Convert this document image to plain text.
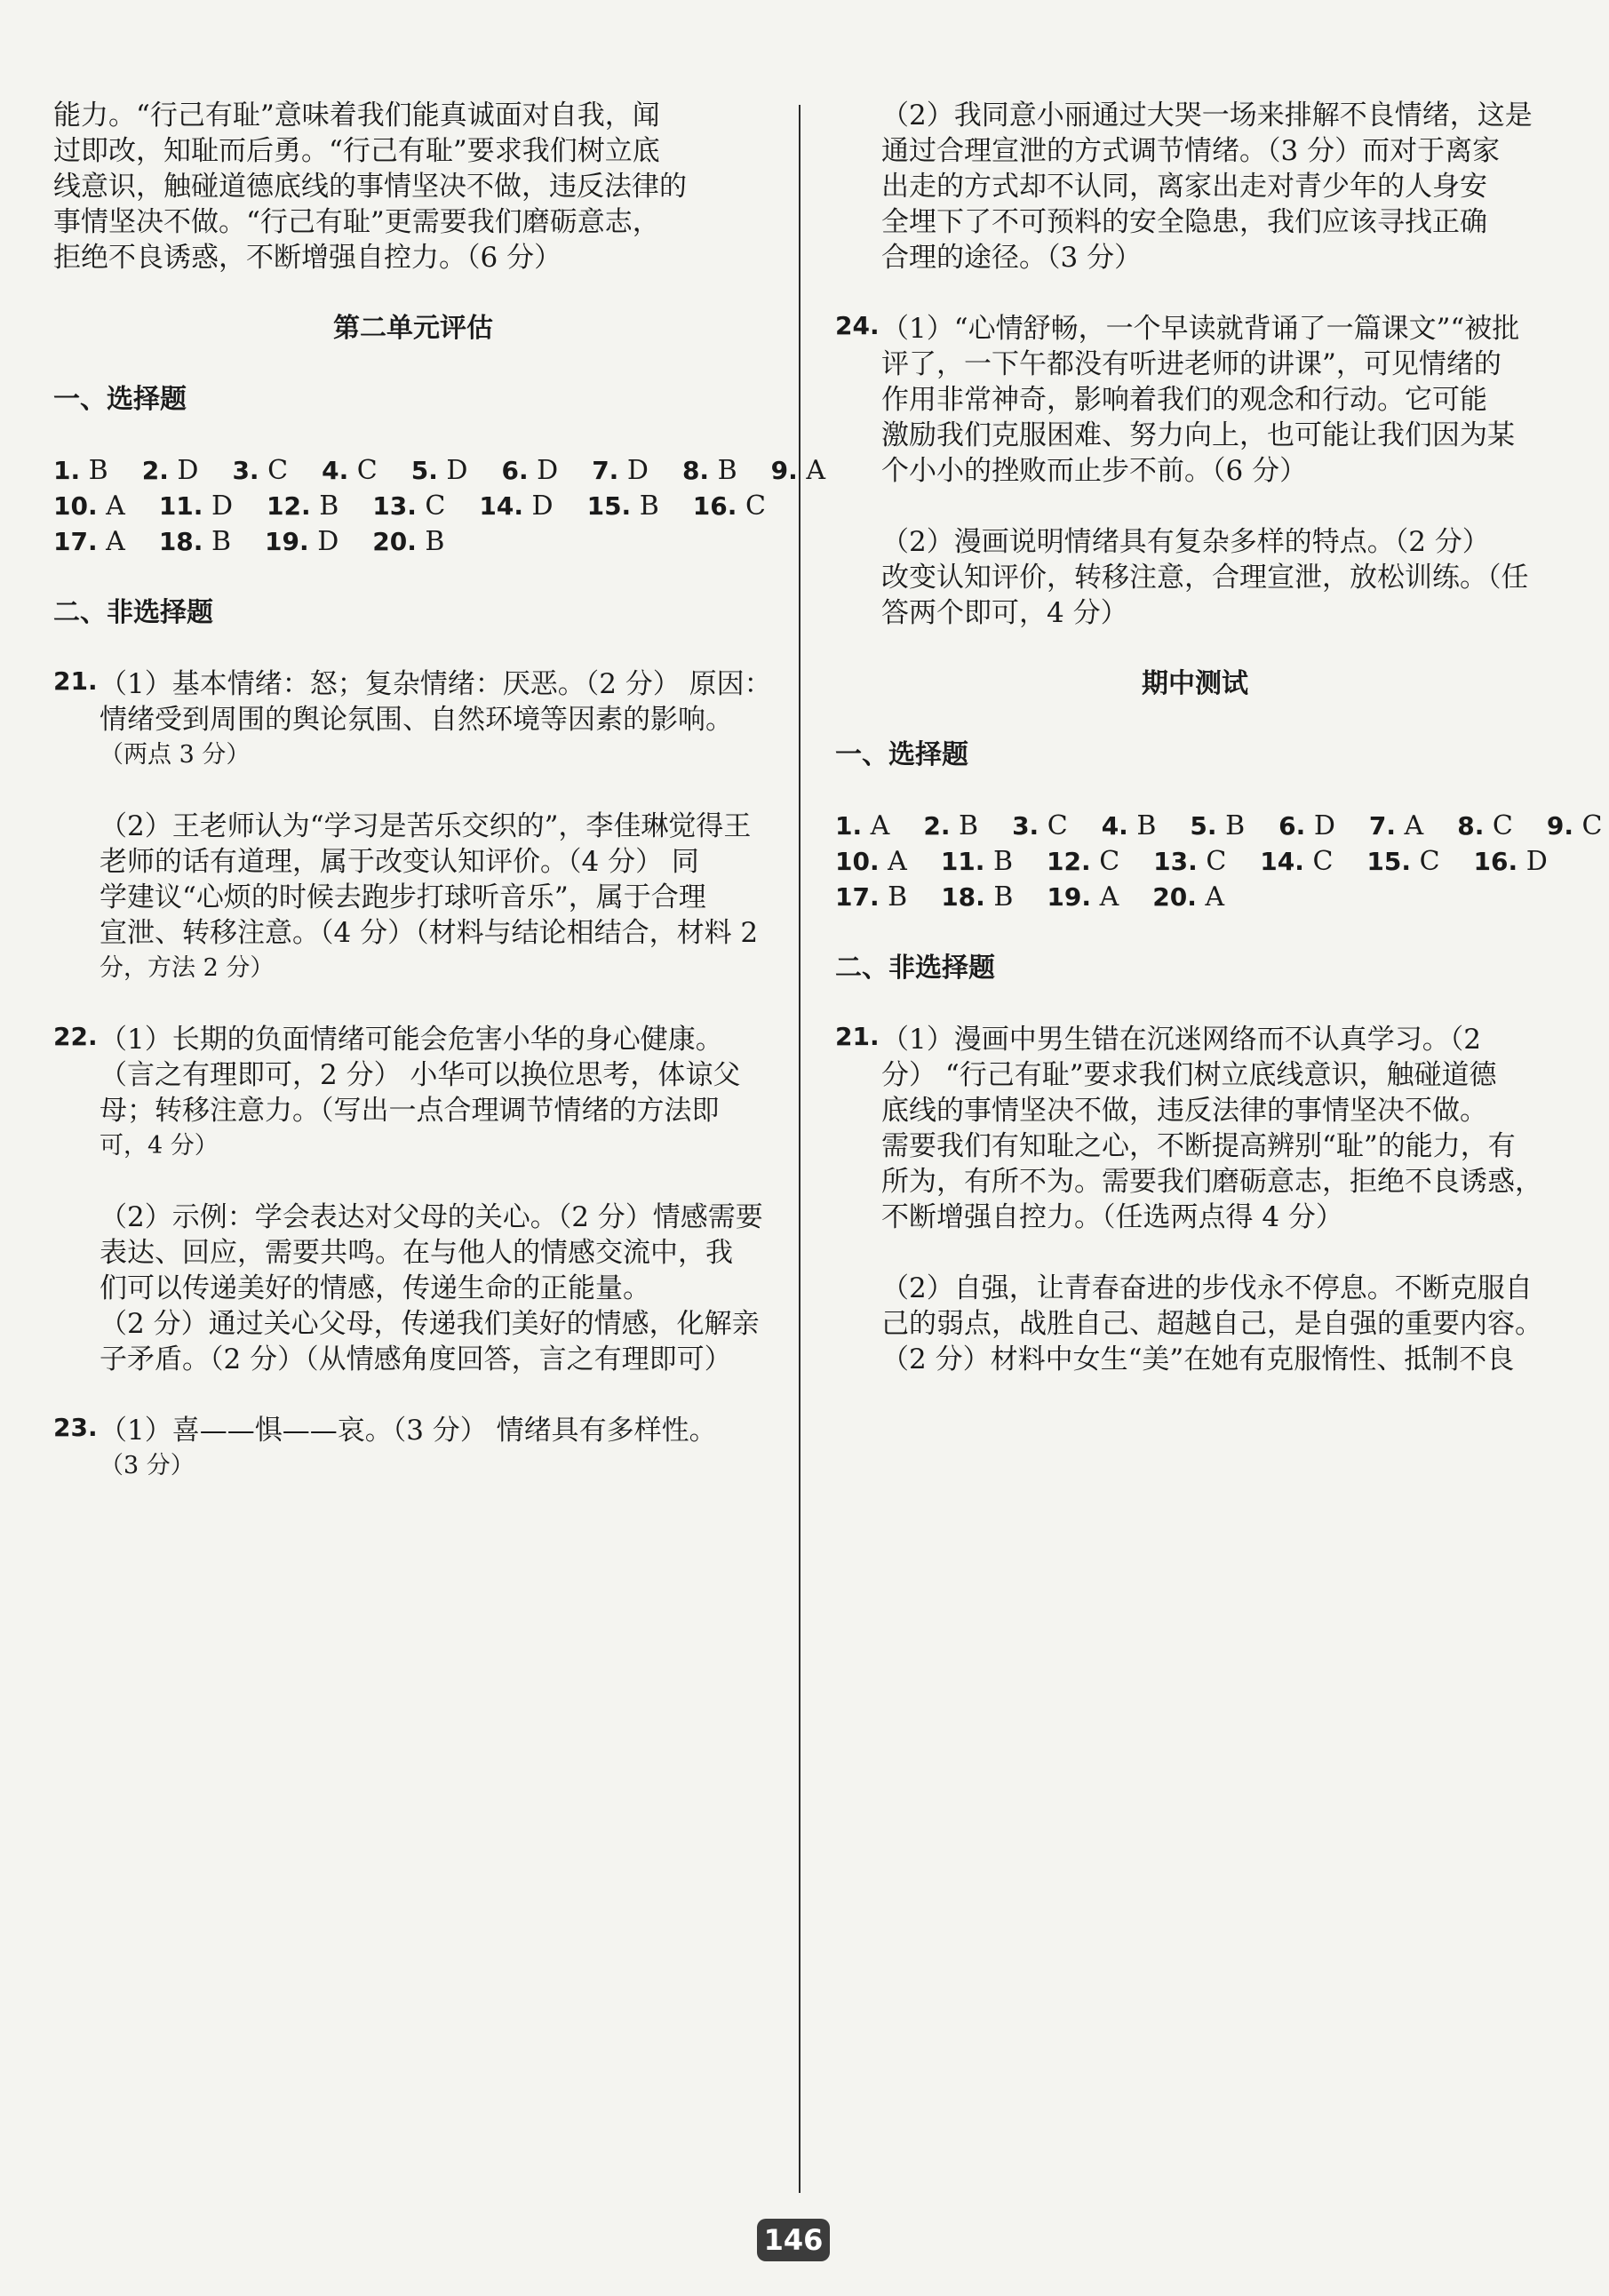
能力。“行己有耻”意味着我们能真诚面对自我，闻
过即改，知耻而后勇。“行己有耻”要求我们树立底
线意识，触碰道德底线的事情坚决不做，违反法律的
事情坚决不做。“行己有耻”更需要我们磨砺意志，
拒绝不良诱惑，不断增强自控力。（6 分）
第二单元评估
一、选择题
1. B 2. D 3. C 4. C 5. D 6. D 7. D 8. B 9. A
10. A 11. D 12. B 13. C 14. D 15. B 16. C
17. A 18. B 19. D 20. B
二、非选择题
21. （1）基本情绪：怒；复杂情绪：厌恶。（2 分） 原因：
情绪受到周围的舆论氛围、自然环境等因素的影响。
（两点 3 分）
（2）王老师认为“学习是苦乐交织的”，李佳琳觉得王
老师的话有道理，属于改变认知评价。（4 分） 同
学建议“心烦的时候去跑步打球听音乐”，属于合理
宣泄、转移注意。（4 分）（材料与结论相结合，材料 2
分，方法 2 分）
22. （1）长期的负面情绪可能会危害小华的身心健康。
（言之有理即可，2 分） 小华可以换位思考，体谅父
母；转移注意力。（写出一点合理调节情绪的方法即
可，4 分）
（2）示例：学会表达对父母的关心。（2 分）情感需要
表达、回应，需要共鸣。在与他人的情感交流中，我
们可以传递美好的情感，传递生命的正能量。
（2 分）通过关心父母，传递我们美好的情感，化解亲
子矛盾。（2 分）（从情感角度回答，言之有理即可）
23. （1）喜——惧——哀。（3 分） 情绪具有多样性。
（3 分）
（2）我同意小丽通过大哭一场来排解不良情绪，这是
通过合理宣泄的方式调节情绪。（3 分）而对于离家
出走的方式却不认同，离家出走对青少年的人身安
全埋下了不可预料的安全隐患，我们应该寻找正确
合理的途径。（3 分）
24. （1）“心情舒畅，一个早读就背诵了一篇课文”“被批
评了，一下午都没有听进老师的讲课”，可见情绪的
作用非常神奇，影响着我们的观念和行动。它可能
激励我们克服困难、努力向上，也可能让我们因为某
个小小的挫败而止步不前。（6 分）
（2）漫画说明情绪具有复杂多样的特点。（2 分）
改变认知评价，转移注意，合理宣泄，放松训练。（任
答两个即可，4 分）
期中测试
一、选择题
1. A 2. B 3. C 4. B 5. B 6. D 7. A 8. C 9. C
10. A 11. B 12. C 13. C 14. C 15. C 16. D
17. B 18. B 19. A 20. A
二、非选择题
21. （1）漫画中男生错在沉迷网络而不认真学习。（2
分） “行己有耻”要求我们树立底线意识，触碰道德
底线的事情坚决不做，违反法律的事情坚决不做。
需要我们有知耻之心，不断提高辨别“耻”的能力，有
所为，有所不为。需要我们磨砺意志，拒绝不良诱惑，
不断增强自控力。（任选两点得 4 分）
（2）自强，让青春奋进的步伐永不停息。不断克服自
己的弱点，战胜自己、超越自己，是自强的重要内容。
（2 分）材料中女生“美”在她有克服惰性、抵制不良
146
